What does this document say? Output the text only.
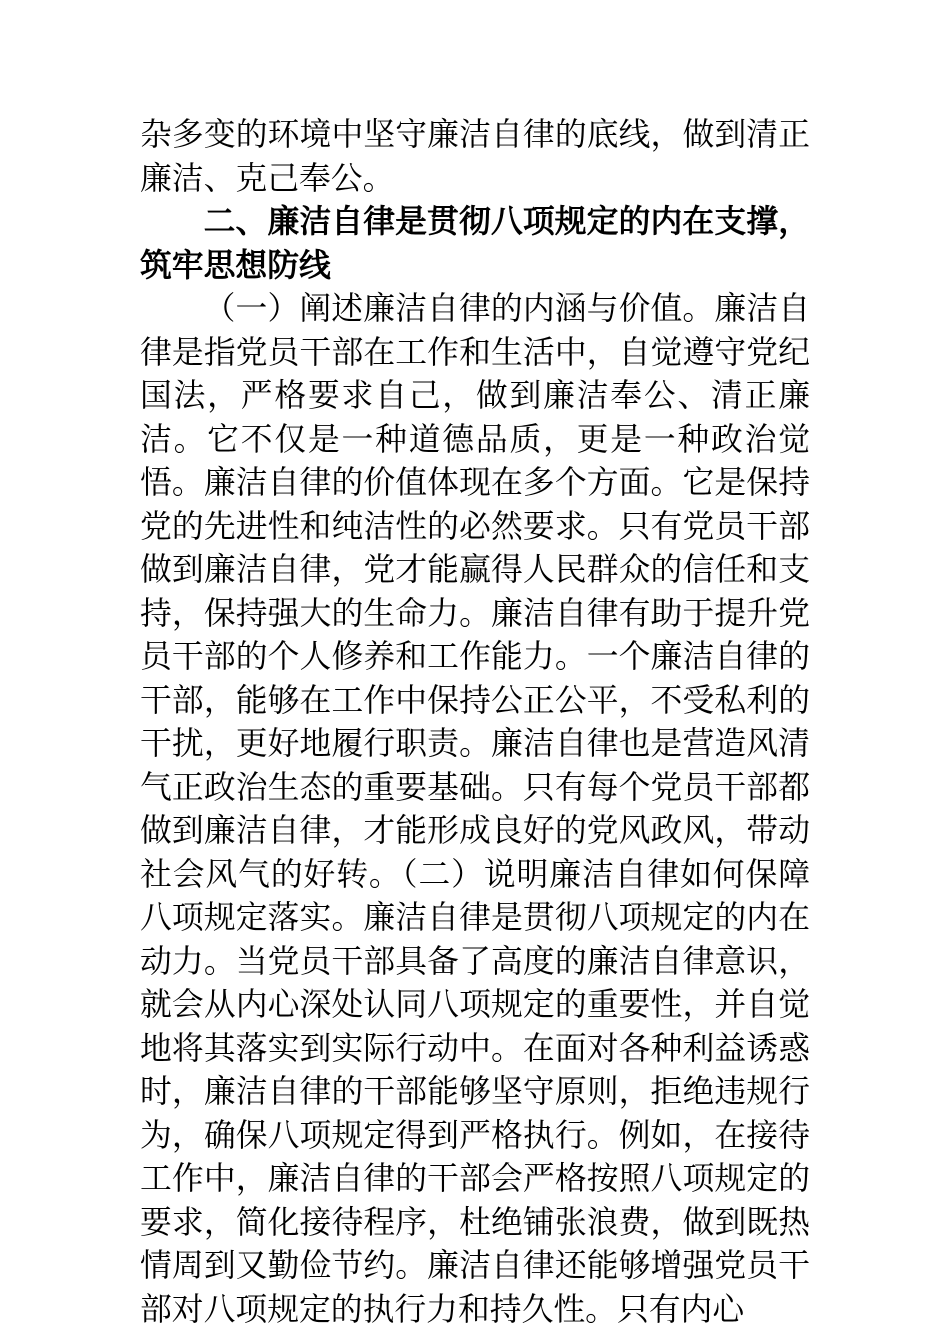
杂多变的环境中坚守廉洁自律的底线，做到清正廉洁、克己奉公。

二、廉洁自律是贯彻八项规定的内在支撑，筑牢思想防线

（一）阐述廉洁自律的内涵与价值。廉洁自律是指党员干部在工作和生活中，自觉遵守党纪国法，严格要求自己，做到廉洁奉公、清正廉洁。它不仅是一种道德品质，更是一种政治觉悟。廉洁自律的价值体现在多个方面。它是保持党的先进性和纯洁性的必然要求。只有党员干部做到廉洁自律，党才能赢得人民群众的信任和支持，保持强大的生命力。廉洁自律有助于提升党员干部的个人修养和工作能力。一个廉洁自律的干部，能够在工作中保持公正公平，不受私利的干扰，更好地履行职责。廉洁自律也是营造风清气正政治生态的重要基础。只有每个党员干部都做到廉洁自律，才能形成良好的党风政风，带动社会风气的好转。（二）说明廉洁自律如何保障八项规定落实。廉洁自律是贯彻八项规定的内在动力。当党员干部具备了高度的廉洁自律意识，就会从内心深处认同八项规定的重要性，并自觉地将其落实到实际行动中。在面对各种利益诱惑时，廉洁自律的干部能够坚守原则，拒绝违规行为，确保八项规定得到严格执行。例如，在接待工作中，廉洁自律的干部会严格按照八项规定的要求，简化接待程序，杜绝铺张浪费，做到既热情周到又勤俭节约。廉洁自律还能够增强党员干部对八项规定的执行力和持久性。只有内心
